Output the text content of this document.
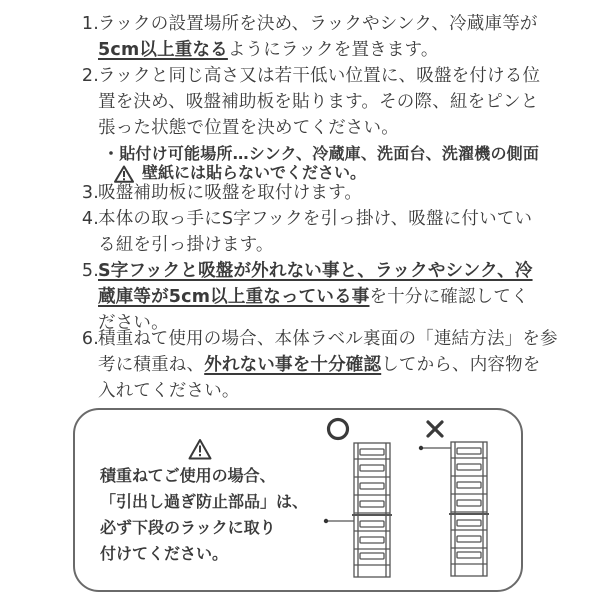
1. ラックの設置場所を決め、ラックやシンク、冷蔵庫等が
5cm以上重なるようにラックを置きます。
2. ラックと同じ高さ又は若干低い位置に、吸盤を付ける位
置を決め、吸盤補助板を貼ります。その際、紐をピンと
張った状態で位置を決めてください。
・貼付け可能場所…シンク、冷蔵庫、洗面台、洗濯機の側面
壁紙には貼らないでください。
3. 吸盤補助板に吸盤を取付けます。
4. 本体の取っ手にS字フックを引っ掛け、吸盤に付いてい
る紐を引っ掛けます。
5. S字フックと吸盤が外れない事と、ラックやシンク、冷
蔵庫等が5cm以上重なっている事を十分に確認してく
ださい。
6. 積重ねて使用の場合、本体ラベル裏面の「連結方法」を参
考に積重ね、外れない事を十分確認してから、内容物を
入れてください。
積重ねてご使用の場合、
「引出し過ぎ防止部品」は、
必ず下段のラックに取り
付けてください。
